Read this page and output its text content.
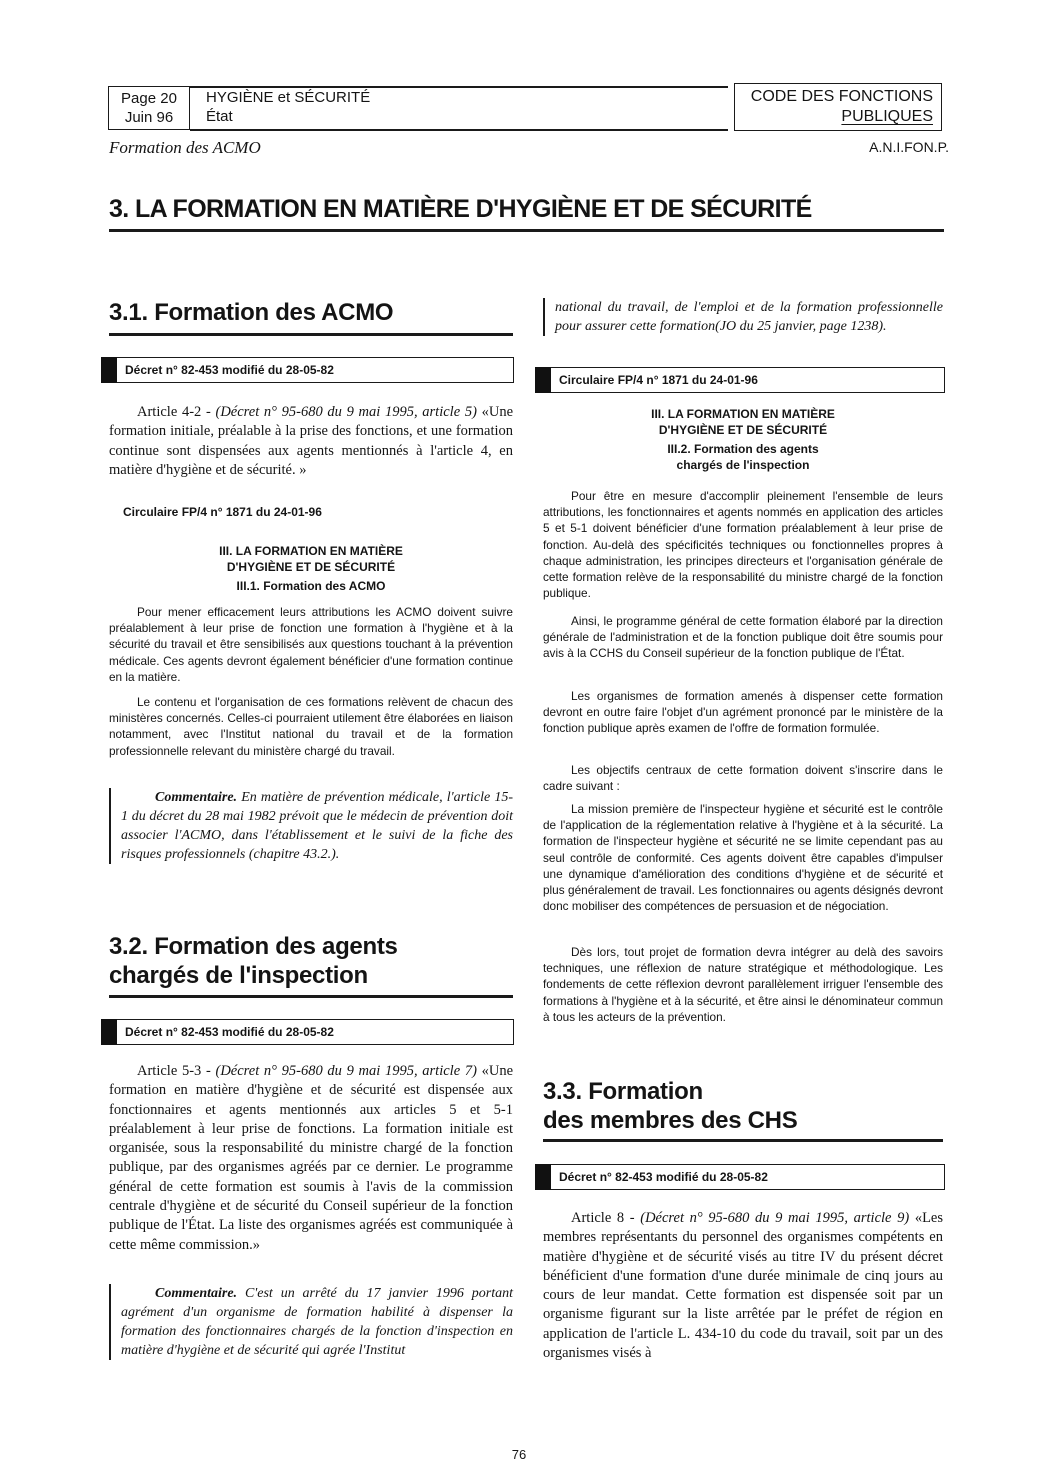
Page 20
Juin 96
HYGIÈNE et SÉCURITÉ
État
CODE DES FONCTIONS
PUBLIQUES
Formation des ACMO	A.N.I.FON.P.
3. LA FORMATION EN MATIÈRE D'HYGIÈNE ET DE SÉCURITÉ
3.1. Formation des ACMO
Décret n° 82-453 modifié du 28-05-82
Article 4-2 - (Décret n° 95-680 du 9 mai 1995, article 5) «Une formation initiale, préalable à la prise des fonctions, et une formation continue sont dispensées aux agents mentionnés à l'article 4, en matière d'hygiène et de sécurité. »
Circulaire FP/4 n° 1871 du 24-01-96
III. LA FORMATION EN MATIÈRE
D'HYGIÈNE ET DE SÉCURITÉ
III.1. Formation des ACMO
Pour mener efficacement leurs attributions les ACMO doivent suivre préalablement à leur prise de fonction une formation à l'hygiène et à la sécurité du travail et être sensibilisés aux questions touchant à la prévention médicale. Ces agents devront également bénéficier d'une formation continue en la matière.
Le contenu et l'organisation de ces formations relèvent de chacun des ministères concernés. Celles-ci pourraient utilement être élaborées en liaison notamment, avec l'Institut national du travail et de la formation professionnelle relevant du ministère chargé du travail.
Commentaire. En matière de prévention médicale, l'article 15-1 du décret du 28 mai 1982 prévoit que le médecin de prévention doit associer l'ACMO, dans l'établissement et le suivi de la fiche des risques professionnels (chapitre 43.2.).
3.2. Formation des agents
chargés de l'inspection
Décret n° 82-453 modifié du 28-05-82
Article 5-3 - (Décret n° 95-680 du 9 mai 1995, article 7) «Une formation en matière d'hygiène et de sécurité est dispensée aux fonctionnaires et agents mentionnés aux articles 5 et 5-1 préalablement à leur prise de fonctions. La formation initiale est organisée, sous la responsabilité du ministre chargé de la fonction publique, par des organismes agréés par ce dernier. Le programme général de cette formation est soumis à l'avis de la commission centrale d'hygiène et de sécurité du Conseil supérieur de la fonction publique de l'État. La liste des organismes agréés est communiquée à cette même commission.»
Commentaire. C'est un arrêté du 17 janvier 1996 portant agrément d'un organisme de formation habilité à dispenser la formation des fonctionnaires chargés de la fonction d'inspection en matière d'hygiène et de sécurité qui agrée l'Institut
national du travail, de l'emploi et de la formation professionnelle pour assurer cette formation(JO du 25 janvier, page 1238).
Circulaire FP/4 n° 1871 du 24-01-96
III. LA FORMATION EN MATIÈRE
D'HYGIÈNE ET DE SÉCURITÉ
III.2. Formation des agents
chargés de l'inspection
Pour être en mesure d'accomplir pleinement l'ensemble de leurs attributions, les fonctionnaires et agents nommés en application des articles 5 et 5-1 doivent bénéficier d'une formation préalablement à leur prise de fonction. Au-delà des spécificités techniques ou fonctionnelles propres à chaque administration, les principes directeurs et l'organisation générale de cette formation relève de la responsabilité du ministre chargé de la fonction publique.
Ainsi, le programme général de cette formation élaboré par la direction générale de l'administration et de la fonction publique doit être soumis pour avis à la CCHS du Conseil supérieur de la fonction publique de l'État.
Les organismes de formation amenés à dispenser cette formation devront en outre faire l'objet d'un agrément prononcé par le ministère de la fonction publique après examen de l'offre de formation formulée.
Les objectifs centraux de cette formation doivent s'inscrire dans le cadre suivant :
La mission première de l'inspecteur hygiène et sécurité est le contrôle de l'application de la réglementation relative à l'hygiène et à la sécurité. La formation de l'inspecteur hygiène et sécurité ne se limite cependant pas au seul contrôle de conformité. Ces agents doivent être capables d'impulser une dynamique d'amélioration des conditions d'hygiène et de sécurité et plus généralement de travail. Les fonctionnaires ou agents désignés devront donc mobiliser des compétences de persuasion et de négociation.
Dès lors, tout projet de formation devra intégrer au delà des savoirs techniques, une réflexion de nature stratégique et méthodologique. Les fondements de cette réflexion devront parallèlement irriguer l'ensemble des formations à l'hygiène et à la sécurité, et être ainsi le dénominateur commun à tous les acteurs de la prévention.
3.3. Formation
des membres des CHS
Décret n° 82-453 modifié du 28-05-82
Article 8 - (Décret n° 95-680 du 9 mai 1995, article 9) «Les membres représentants du personnel des organismes compétents en matière d'hygiène et de sécurité visés au titre IV du présent décret bénéficient d'une formation d'une durée minimale de cinq jours au cours de leur mandat. Cette formation est dispensée soit par un organisme figurant sur la liste arrêtée par le préfet de région en application de l'article L. 434-10 du code du travail, soit par un des organismes visés à
76
